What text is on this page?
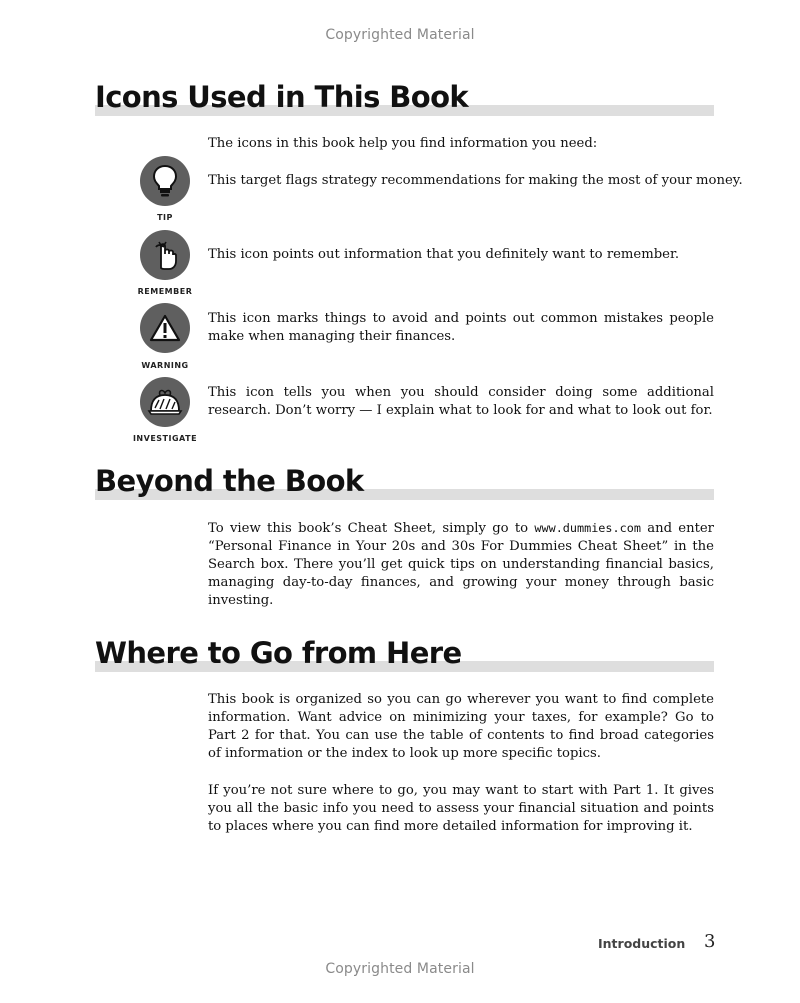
Copyrighted Material
Icons Used in This Book

The icons in this book help you find information you need:

TIP

This target flags strategy recommendations for making the most of your money.

REMEMBER

This icon points out information that you definitely want to remember.

WARNING

This icon marks things to avoid and points out common mistakes people make when managing their finances.

INVESTIGATE

This icon tells you when you should consider doing some additional research. Don’t worry — I explain what to look for and what to look out for.

Beyond the Book

To view this book’s Cheat Sheet, simply go to www.dummies.com and enter “Personal Finance in Your 20s and 30s For Dummies Cheat Sheet” in the Search box. There you’ll get quick tips on understanding financial basics, managing day-to-day finances, and growing your money through basic investing.

Where to Go from Here

This book is organized so you can go wherever you want to find complete information. Want advice on minimizing your taxes, for example? Go to Part 2 for that. You can use the table of contents to find broad categories of information or the index to look up more specific topics.

If you’re not sure where to go, you may want to start with Part 1. It gives you all the basic info you need to assess your financial situation and points to places where you can find more detailed information for improving it.

Introduction 3
Copyrighted Material
